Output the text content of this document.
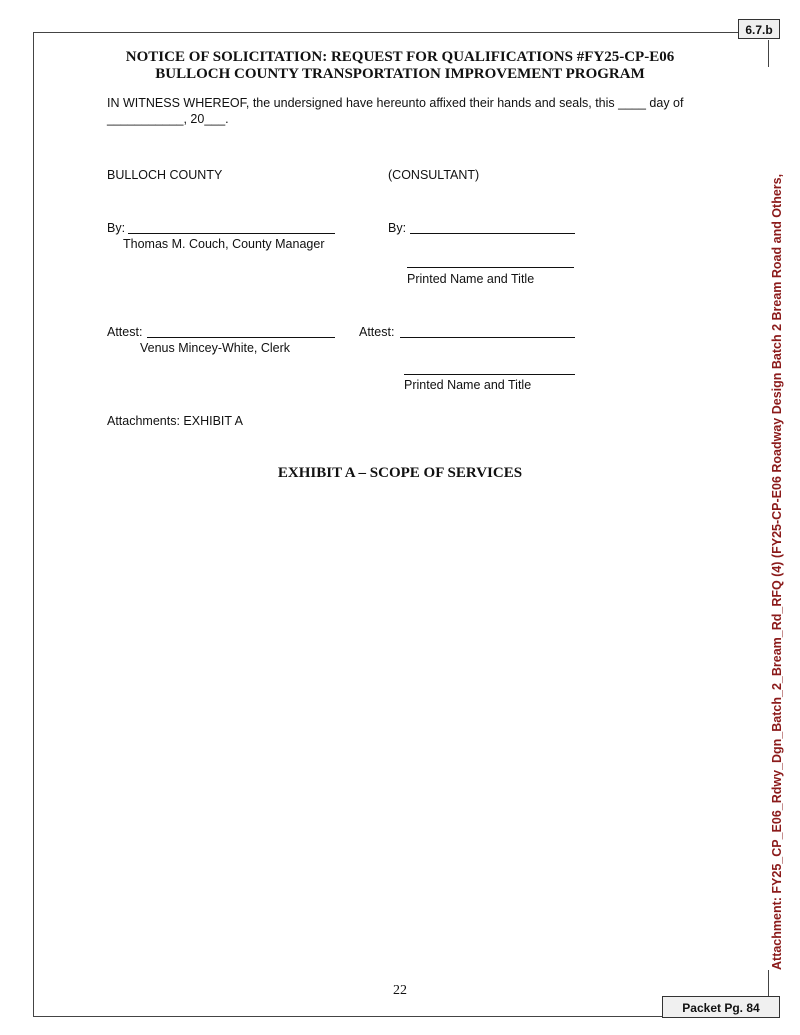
6.7.b
NOTICE OF SOLICITATION: REQUEST FOR QUALIFICATIONS #FY25-CP-E06
BULLOCH COUNTY TRANSPORTATION IMPROVEMENT PROGRAM
IN WITNESS WHEREOF, the undersigned have hereunto affixed their hands and seals, this ____ day of ___________, 20___.
BULLOCH COUNTY	(CONSULTANT)
By:
Thomas M. Couch, County Manager
By:
Printed Name and Title
Attest:
Venus Mincey-White, Clerk
Attest:
Printed Name and Title
Attachments: EXHIBIT A
EXHIBIT A – SCOPE OF SERVICES
22
Packet Pg. 84
Attachment: FY25_CP_E06_Rdwy_Dgn_Batch_2_Bream_Rd_RFQ (4) (FY25-CP-E06 Roadway Design Batch 2 Bream Road and Others,
